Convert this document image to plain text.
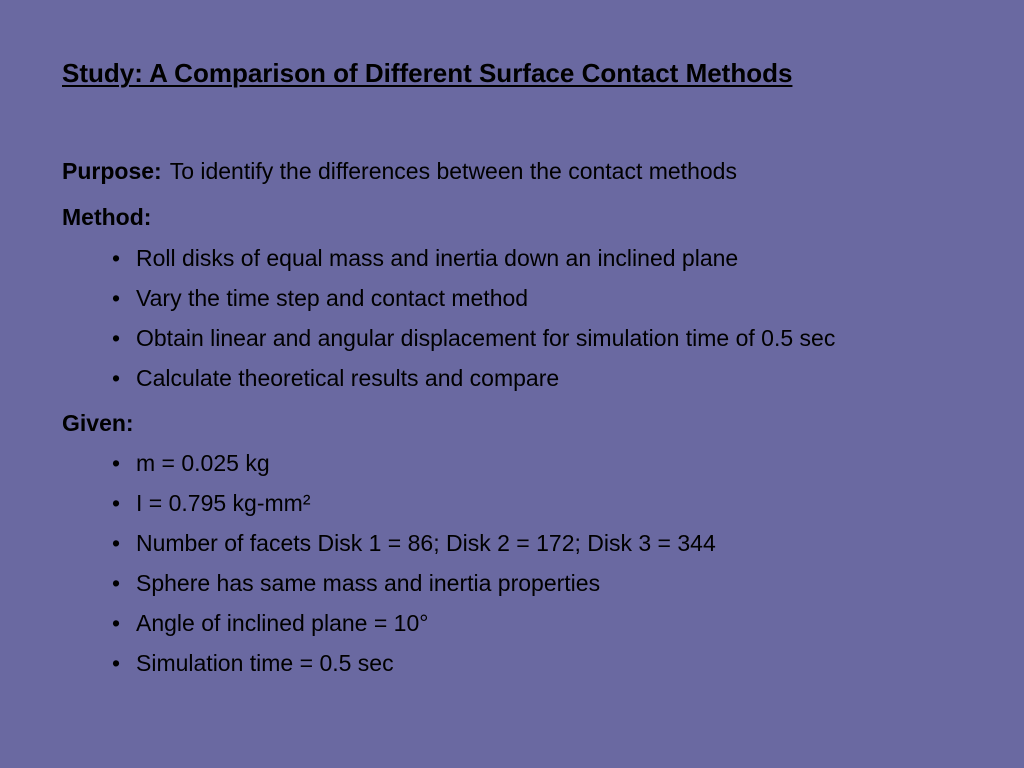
Study: A Comparison of Different Surface Contact Methods
Purpose: To identify the differences between the contact methods
Method:
• Roll disks of equal mass and inertia down an inclined plane
• Vary the time step and contact method
• Obtain linear and angular displacement for simulation time of 0.5 sec
• Calculate theoretical results and compare
Given:
• m = 0.025 kg
• I = 0.795 kg-mm²
• Number of facets Disk 1 = 86; Disk 2 = 172; Disk 3 = 344
• Sphere has same mass and inertia properties
• Angle of inclined plane = 10°
• Simulation time = 0.5 sec
